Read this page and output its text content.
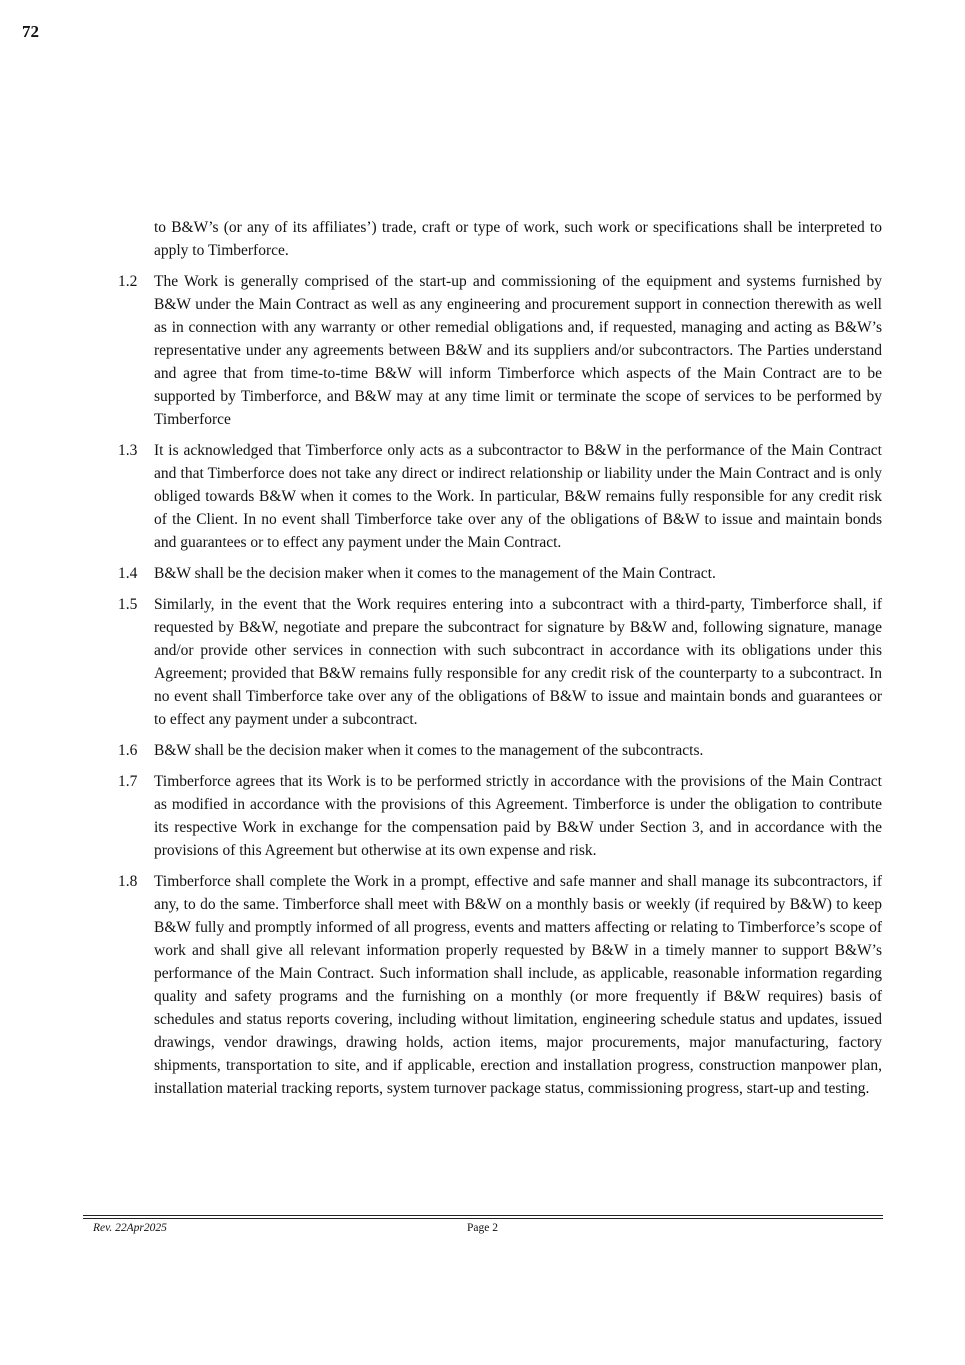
72

to B&W’s (or any of its affiliates’) trade, craft or type of work, such work or specifications shall be interpreted to apply to Timberforce.

1.2	The Work is generally comprised of the start-up and commissioning of the equipment and systems furnished by B&W under the Main Contract as well as any engineering and procurement support in connection therewith as well as in connection with any warranty or other remedial obligations and, if requested, managing and acting as B&W’s representative under any agreements between B&W and its suppliers and/or subcontractors. The Parties understand and agree that from time-to-time B&W will inform Timberforce which aspects of the Main Contract are to be supported by Timberforce, and B&W may at any time limit or terminate the scope of services to be performed by Timberforce
1.3	It is acknowledged that Timberforce only acts as a subcontractor to B&W in the performance of the Main Contract and that Timberforce does not take any direct or indirect relationship or liability under the Main Contract and is only obliged towards B&W when it comes to the Work. In particular, B&W remains fully responsible for any credit risk of the Client. In no event shall Timberforce take over any of the obligations of B&W to issue and maintain bonds and guarantees or to effect any payment under the Main Contract.
1.4	B&W shall be the decision maker when it comes to the management of the Main Contract.
1.5	Similarly, in the event that the Work requires entering into a subcontract with a third-party, Timberforce shall, if requested by B&W, negotiate and prepare the subcontract for signature by B&W and, following signature, manage and/or provide other services in connection with such subcontract in accordance with its obligations under this Agreement; provided that B&W remains fully responsible for any credit risk of the counterparty to a subcontract. In no event shall Timberforce take over any of the obligations of B&W to issue and maintain bonds and guarantees or to effect any payment under a subcontract.
1.6	B&W shall be the decision maker when it comes to the management of the subcontracts.
1.7	Timberforce agrees that its Work is to be performed strictly in accordance with the provisions of the Main Contract as modified in accordance with the provisions of this Agreement. Timberforce is under the obligation to contribute its respective Work in exchange for the compensation paid by B&W under Section 3, and in accordance with the provisions of this Agreement but otherwise at its own expense and risk.
1.8	Timberforce shall complete the Work in a prompt, effective and safe manner and shall manage its subcontractors, if any, to do the same. Timberforce shall meet with B&W on a monthly basis or weekly (if required by B&W) to keep B&W fully and promptly informed of all progress, events and matters affecting or relating to Timberforce’s scope of work and shall give all relevant information properly requested by B&W in a timely manner to support B&W’s performance of the Main Contract. Such information shall include, as applicable, reasonable information regarding quality and safety programs and the furnishing on a monthly (or more frequently if B&W requires) basis of schedules and status reports covering, including without limitation, engineering schedule status and updates, issued drawings, vendor drawings, drawing holds, action items, major procurements, major manufacturing, factory shipments, transportation to site, and if applicable, erection and installation progress, construction manpower plan, installation material tracking reports, system turnover package status, commissioning progress, start-up and testing.
Rev. 22Apr2025	Page 2
